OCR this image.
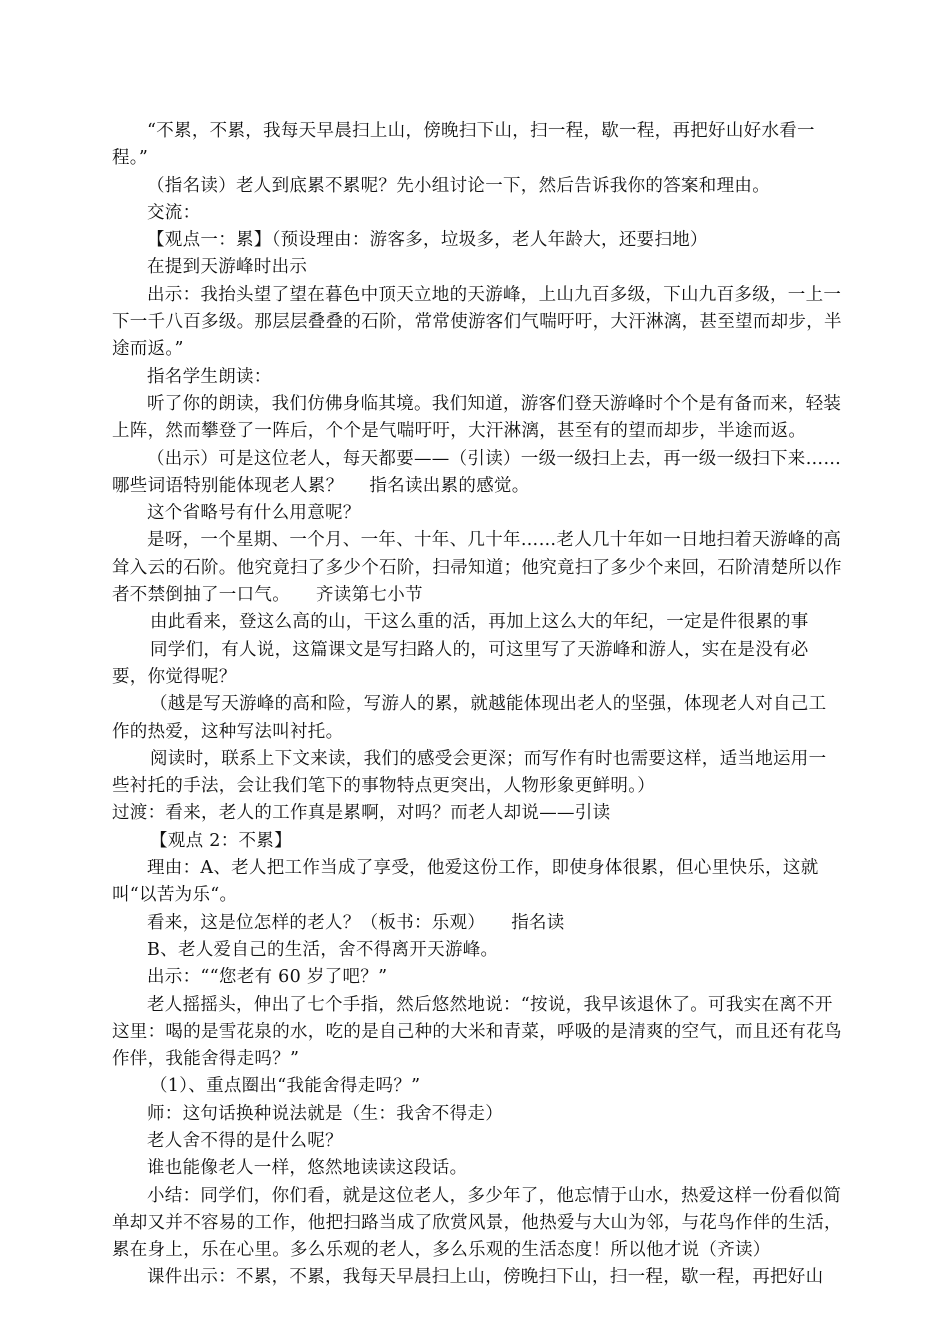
“不累，不累，我每天早晨扫上山，傍晚扫下山，扫一程，歇一程，再把好山好水看一程。”

（指名读）老人到底累不累呢？先小组讨论一下，然后告诉我你的答案和理由。

交流：

【观点一：累】（预设理由：游客多，垃圾多，老人年龄大，还要扫地）

在提到天游峰时出示

出示：我抬头望了望在暮色中顶天立地的天游峰，上山九百多级，下山九百多级，一上一下一千八百多级。那层层叠叠的石阶，常常使游客们气喘吁吁，大汗淋漓，甚至望而却步，半途而返。”

指名学生朗读：

听了你的朗读，我们仿佛身临其境。我们知道，游客们登天游峰时个个是有备而来，轻装上阵，然而攀登了一阵后，个个是气喘吁吁，大汗淋漓，甚至有的望而却步，半途而返。

（出示）可是这位老人，每天都要——（引读）一级一级扫上去，再一级一级扫下来……哪些词语特别能体现老人累？ 指名读出累的感觉。

这个省略号有什么用意呢？

是呀，一个星期、一个月、一年、十年、几十年……老人几十年如一日地扫着天游峰的高耸入云的石阶。他究竟扫了多少个石阶，扫帚知道；他究竟扫了多少个来回，石阶清楚所以作者不禁倒抽了一口气。 齐读第七小节

由此看来，登这么高的山，干这么重的活，再加上这么大的年纪，一定是件很累的事

同学们，有人说，这篇课文是写扫路人的，可这里写了天游峰和游人，实在是没有必要，你觉得呢？

（越是写天游峰的高和险，写游人的累，就越能体现出老人的坚强，体现老人对自己工作的热爱，这种写法叫衬托。

阅读时，联系上下文来读，我们的感受会更深；而写作有时也需要这样，适当地运用一些衬托的手法，会让我们笔下的事物特点更突出，人物形象更鲜明。）

过渡：看来，老人的工作真是累啊，对吗？而老人却说——引读

【观点 2：不累】

理由：A、老人把工作当成了享受，他爱这份工作，即使身体很累，但心里快乐，这就叫“以苦为乐“。

看来，这是位怎样的老人？（板书：乐观） 指名读

B、老人爱自己的生活，舍不得离开天游峰。

出示：““您老有 60 岁了吧？”

老人摇摇头，伸出了七个手指，然后悠然地说：“按说，我早该退休了。可我实在离不开这里：喝的是雪花泉的水，吃的是自己种的大米和青菜，呼吸的是清爽的空气，而且还有花鸟作伴，我能舍得走吗？”

（1）、重点圈出“我能舍得走吗？”

师：这句话换种说法就是（生：我舍不得走）

老人舍不得的是什么呢？

谁也能像老人一样，悠然地读读这段话。

小结：同学们，你们看，就是这位老人，多少年了，他忘情于山水，热爱这样一份看似简单却又并不容易的工作，他把扫路当成了欣赏风景，他热爱与大山为邻，与花鸟作伴的生活，累在身上，乐在心里。多么乐观的老人，多么乐观的生活态度！所以他才说（齐读）

课件出示：不累，不累，我每天早晨扫上山，傍晚扫下山，扫一程，歇一程，再把好山
